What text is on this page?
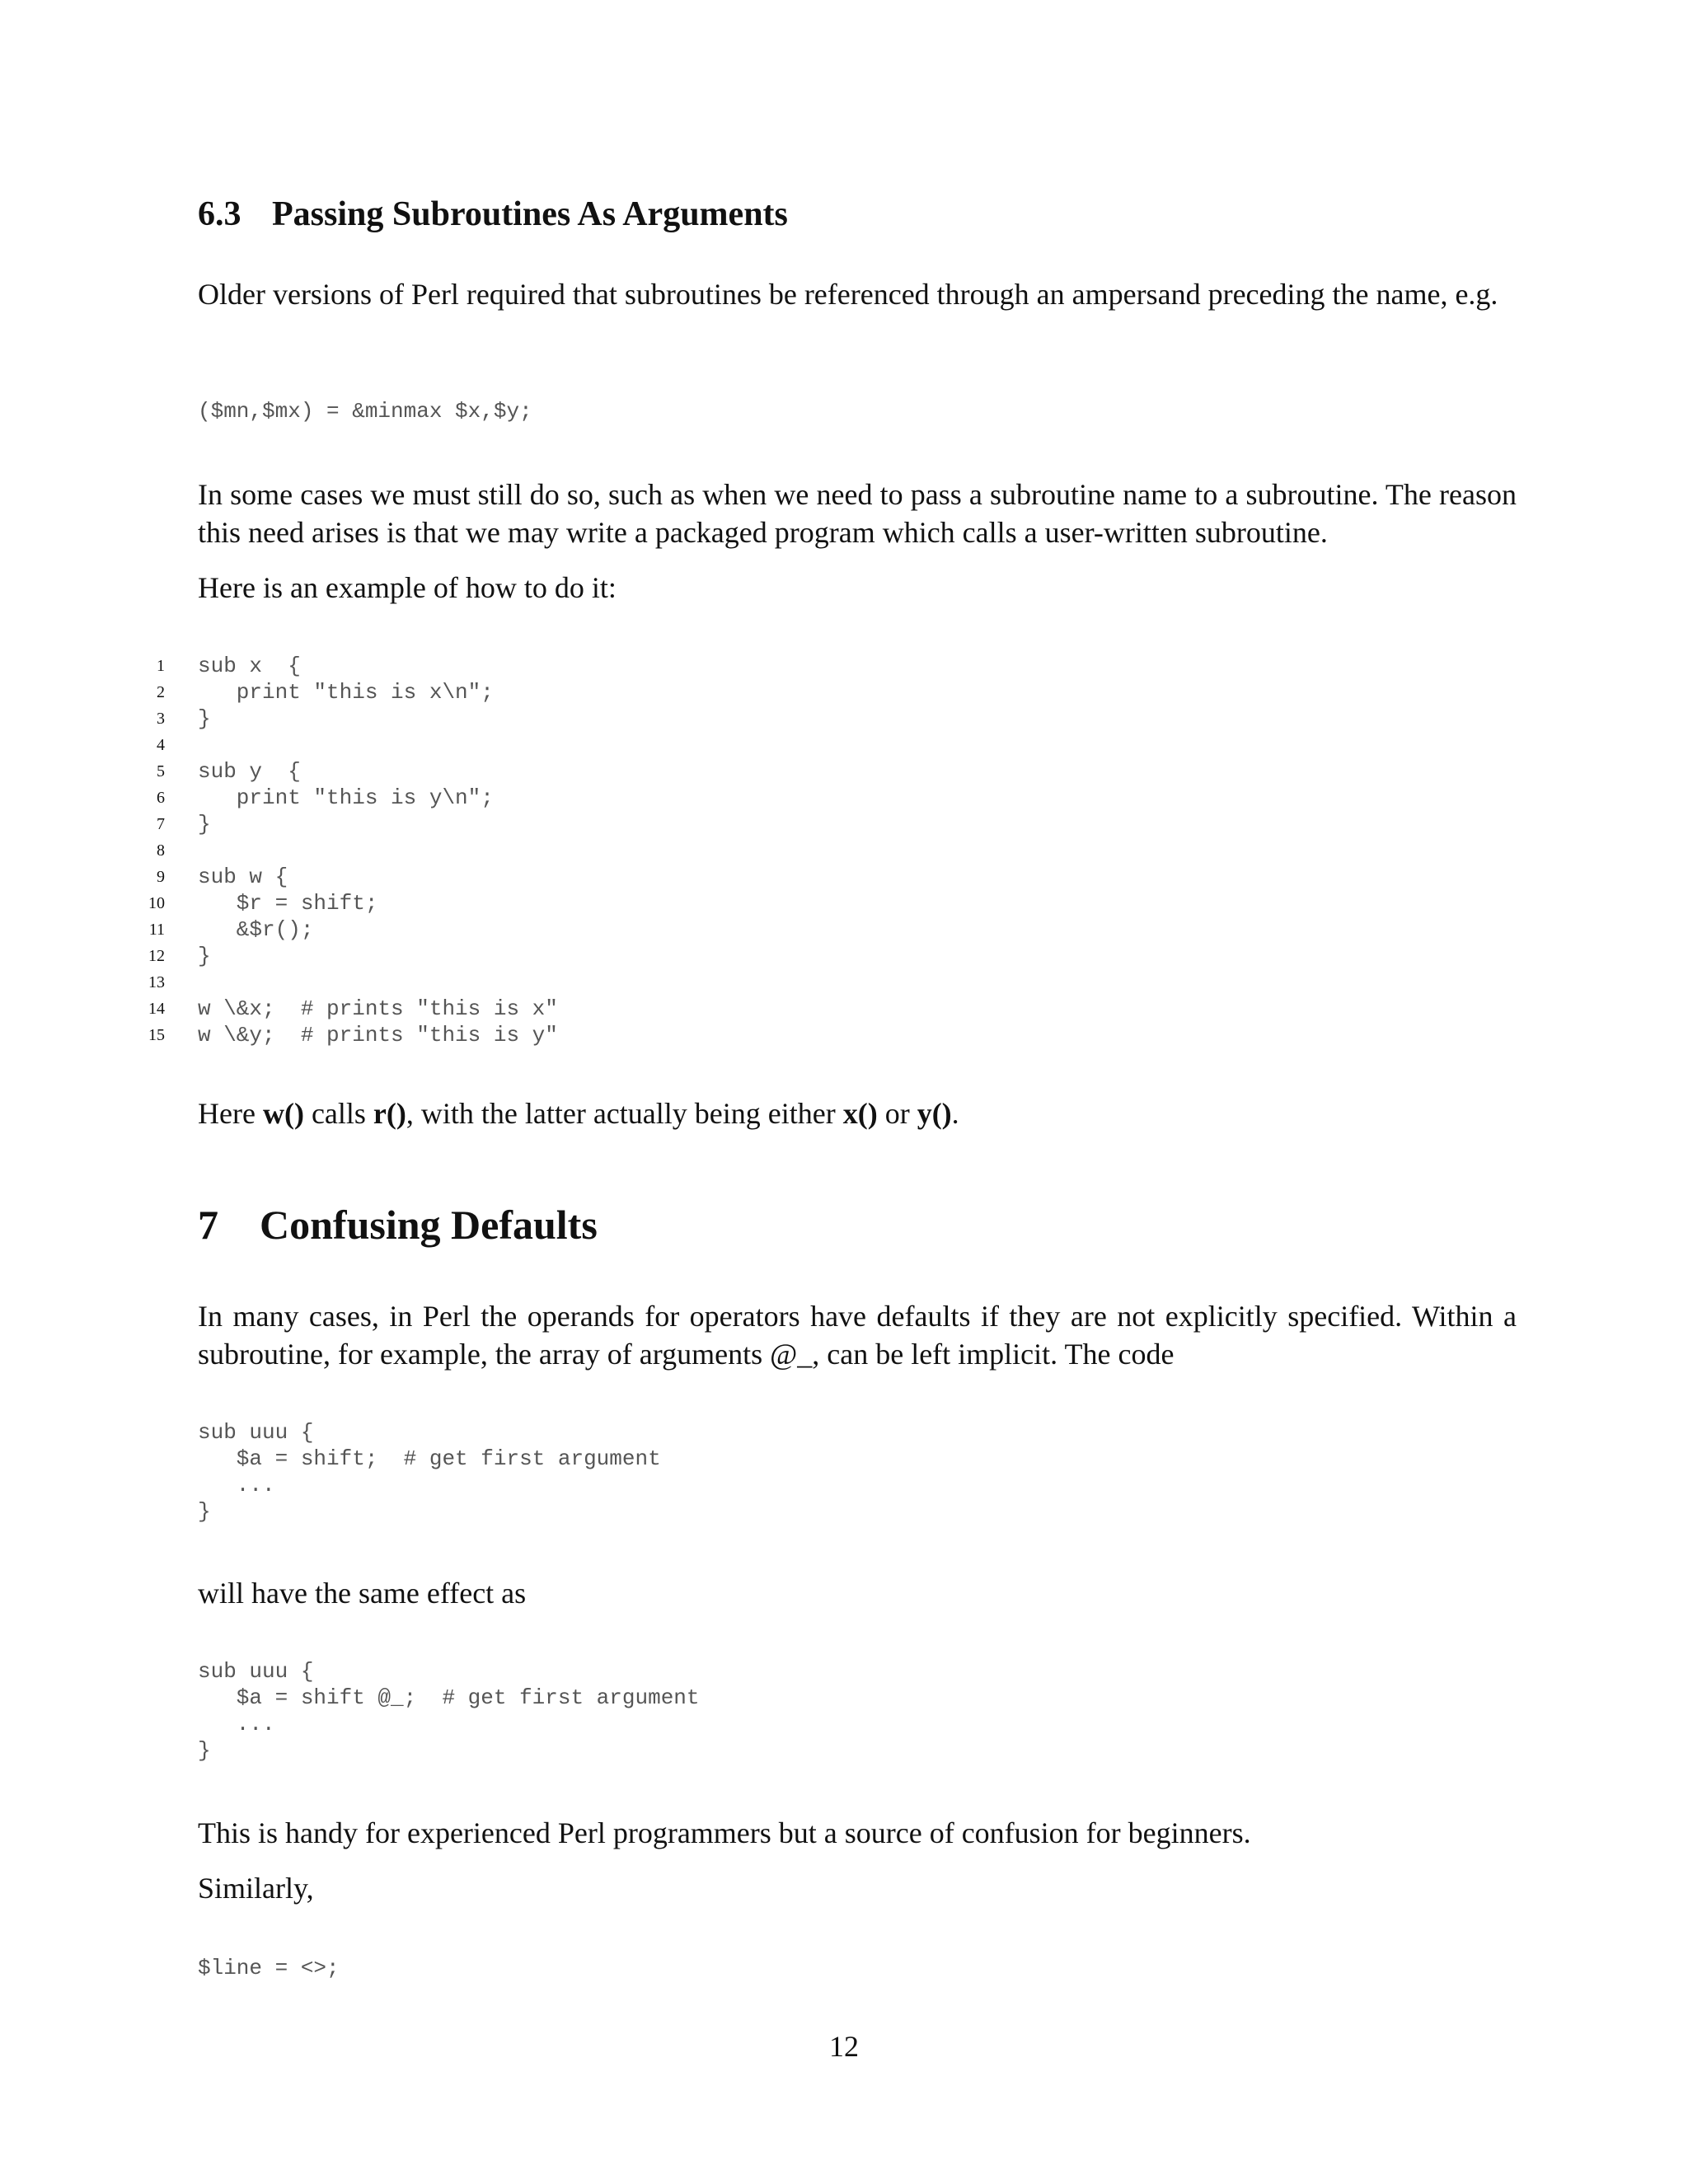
6.3 Passing Subroutines As Arguments
Older versions of Perl required that subroutines be referenced through an ampersand preceding the name, e.g.
($mn,$mx) = &minmax $x,$y;
In some cases we must still do so, such as when we need to pass a subroutine name to a subroutine. The reason this need arises is that we may write a packaged program which calls a user-written subroutine.
Here is an example of how to do it:
1 sub x  {
2 print "this is x\n";
3 }
4
5 sub y  {
6 print "this is y\n";
7 }
8
9 sub w {
10 $r = shift;
11 &$r();
12 }
13
14 w \&x;  # prints "this is x"
15 w \&y;  # prints "this is y"
Here w() calls r(), with the latter actually being either x() or y().
7 Confusing Defaults
In many cases, in Perl the operands for operators have defaults if they are not explicitly specified. Within a subroutine, for example, the array of arguments @_, can be left implicit. The code
sub uuu {
$a = shift;  # get first argument
...
}
will have the same effect as
sub uuu {
$a = shift @_;  # get first argument
...
}
This is handy for experienced Perl programmers but a source of confusion for beginners.
Similarly,
$line = <>;
12
